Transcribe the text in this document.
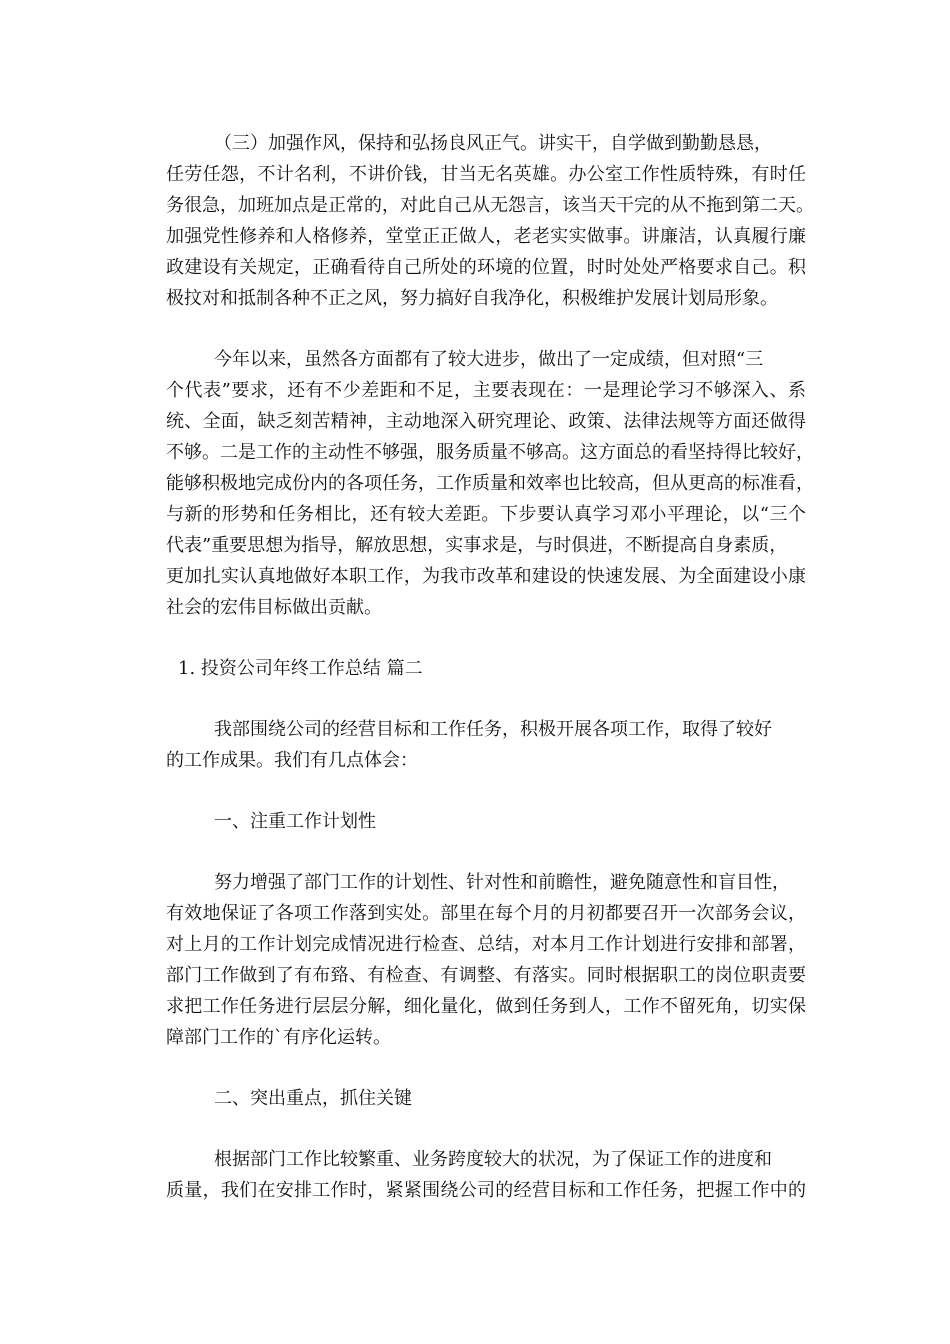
（三）加强作风，保持和弘扬良风正气。讲实干，自学做到勤勤恳恳，
任劳任怨，不计名利，不讲价钱，甘当无名英雄。办公室工作性质特殊，有时任
务很急，加班加点是正常的，对此自己从无怨言，该当天干完的从不拖到第二天。
加强党性修养和人格修养，堂堂正正做人，老老实实做事。讲廉洁，认真履行廉
政建设有关规定，正确看待自己所处的环境的位置，时时处处严格要求自己。积
极抆对和抵制各种不正之风，努力搞好自我净化，积极维护发展计划局形象。
今年以来，虽然各方面都有了较大进步，做出了一定成绩，但对照“三
个代表”要求，还有不少差距和不足，主要表现在：一是理论学习不够深入、系
统、全面，缺乏刻苦精神，主动地深入研究理论、政策、法律法规等方面还做得
不够。二是工作的主动性不够强，服务质量不够高。这方面总的看坚持得比较好，
能够积极地完成份内的各项任务，工作质量和效率也比较高，但从更高的标准看，
与新的形势和任务相比，还有较大差距。下步要认真学习邓小平理论，以“三个
代表”重要思想为指导，解放思想，实事求是，与时俱进，不断提高自身素质，
更加扎实认真地做好本职工作，为我市改革和建设的快速发展、为全面建设小康
社会的宏伟目标做出贡献。
1. 投资公司年终工作总结 篇二
我部围绕公司的经营目标和工作任务，积极开展各项工作，取得了较好
的工作成果。我们有几点体会：
一、注重工作计划性
努力增强了部门工作的计划性、针对性和前瞻性，避免随意性和盲目性，
有效地保证了各项工作落到实处。部里在每个月的月初都要召开一次部务会议，
对上月的工作计划完成情况进行检查、总结，对本月工作计划进行安排和部署，
部门工作做到了有布臵、有检查、有调整、有落实。同时根据职工的岗位职责要
求把工作任务进行层层分解，细化量化，做到任务到人，工作不留死角，切实保
障部门工作的`有序化运转。
二、突出重点，抓住关键
根据部门工作比较繁重、业务跨度较大的状况，为了保证工作的进度和
质量，我们在安排工作时，紧紧围绕公司的经营目标和工作任务，把握工作中的
